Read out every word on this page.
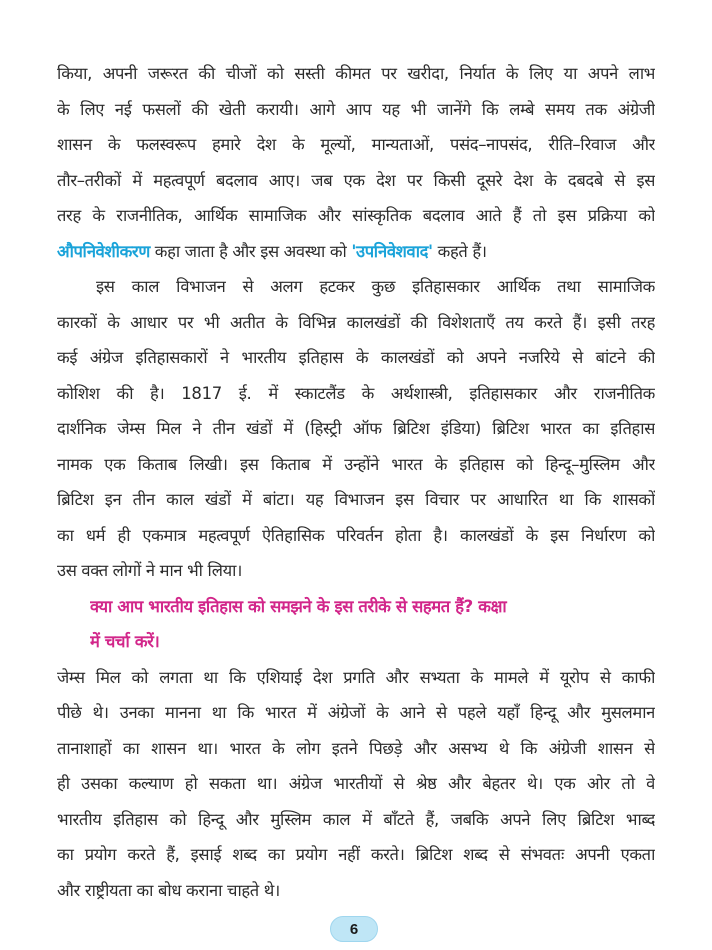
किया, अपनी जरूरत की चीजों को सस्ती कीमत पर खरीदा, निर्यात के लिए या अपने लाभ
के लिए नई फसलों की खेती करायी। आगे आप यह भी जानेंगे कि लम्बे समय तक अंग्रेजी
शासन के फलस्वरूप हमारे देश के मूल्यों, मान्यताओं, पसंद–नापसंद, रीति–रिवाज और
तौर–तरीकों में महत्वपूर्ण बदलाव आए। जब एक देश पर किसी दूसरे देश के दबदबे से इस
तरह के राजनीतिक, आर्थिक सामाजिक और सांस्कृतिक बदलाव आते हैं तो इस प्रक्रिया को
औपनिवेशीकरण कहा जाता है और इस अवस्था को 'उपनिवेशवाद' कहते हैं।
इस काल विभाजन से अलग हटकर कुछ इतिहासकार आर्थिक तथा सामाजिक
कारकों के आधार पर भी अतीत के विभिन्न कालखंडों की विशेशताएँ तय करते हैं। इसी तरह
कई अंग्रेज इतिहासकारों ने भारतीय इतिहास के कालखंडों को अपने नजरिये से बांटने की
कोशिश की है। 1817 ई. में स्काटलैंड के अर्थशास्त्री, इतिहासकार और राजनीतिक
दार्शनिक जेम्स मिल ने तीन खंडों में (हिस्ट्री ऑफ ब्रिटिश इंडिया) ब्रिटिश भारत का इतिहास
नामक एक किताब लिखी। इस किताब में उन्होंने भारत के इतिहास को हिन्दू–मुस्लिम और
ब्रिटिश इन तीन काल खंडों में बांटा। यह विभाजन इस विचार पर आधारित था कि शासकों
का धर्म ही एकमात्र महत्वपूर्ण ऐतिहासिक परिवर्तन होता है। कालखंडों के इस निर्धारण को
उस वक्त लोगों ने मान भी लिया।
क्या आप भारतीय इतिहास को समझने के इस तरीके से सहमत हैं? कक्षा
में चर्चा करें।
जेम्स मिल को लगता था कि एशियाई देश प्रगति और सभ्यता के मामले में यूरोप से काफी
पीछे थे। उनका मानना था कि भारत में अंग्रेजों के आने से पहले यहाँ हिन्दू और मुसलमान
तानाशाहों का शासन था। भारत के लोग इतने पिछड़े और असभ्य थे कि अंग्रेजी शासन से
ही उसका कल्याण हो सकता था। अंग्रेज भारतीयों से श्रेष्ठ और बेहतर थे। एक ओर तो वे
भारतीय इतिहास को हिन्दू और मुस्लिम काल में बाँटते हैं, जबकि अपने लिए ब्रिटिश भाब्द
का प्रयोग करते हैं, इसाई शब्द का प्रयोग नहीं करते। ब्रिटिश शब्द से संभवतः अपनी एकता
और राष्ट्रीयता का बोध कराना चाहते थे।
6
